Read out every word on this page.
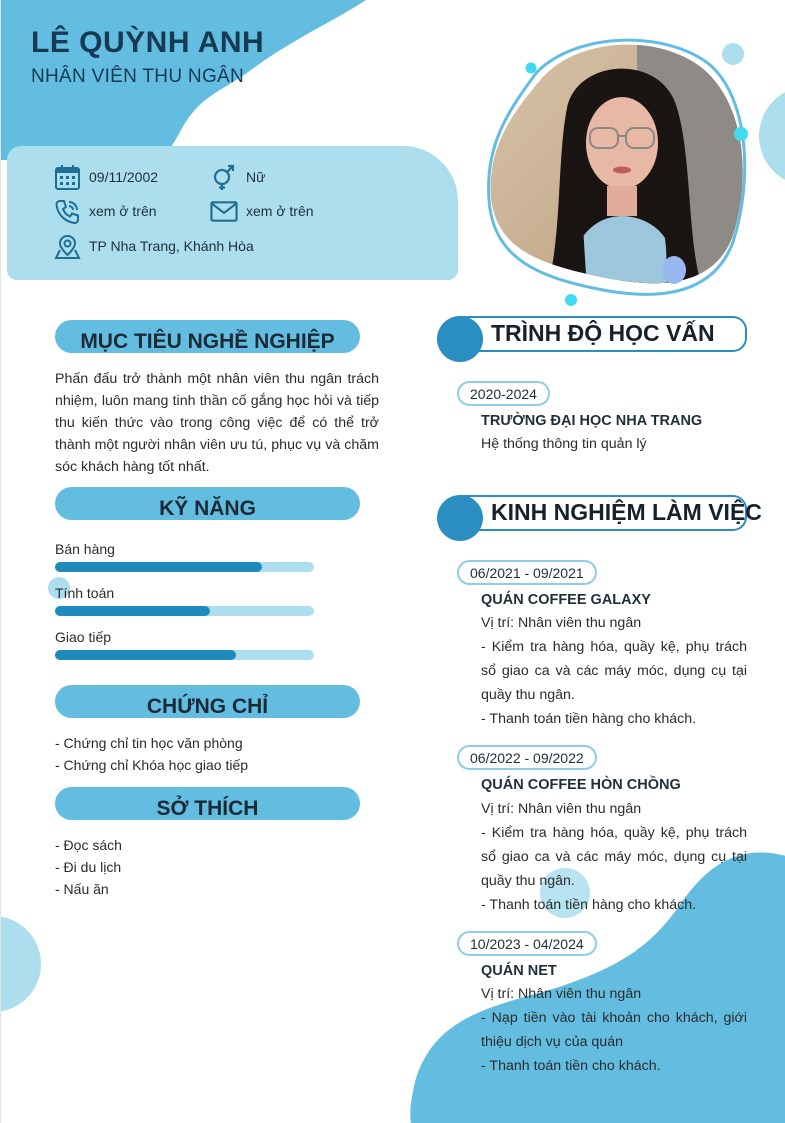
LÊ QUỲNH ANH
NHÂN VIÊN THU NGÂN
09/11/2002	Nữ
xem ở trên	xem ở trên
TP Nha Trang, Khánh Hòa
MỤC TIÊU NGHỀ NGHIỆP
Phấn đấu trở thành một nhân viên thu ngân trách nhiệm, luôn mang tinh thần cố gắng học hỏi và tiếp thu kiến thức vào trong công việc để có thể trở thành một người nhân viên ưu tú, phục vụ và chăm sóc khách hàng tốt nhất.
KỸ NĂNG
Bán hàng
Tính toán
Giao tiếp
CHỨNG CHỈ
- Chứng chỉ tin học văn phòng
- Chứng chỉ Khóa học giao tiếp
SỞ THÍCH
- Đọc sách
- Đi du lịch
- Nấu ăn
TRÌNH ĐỘ HỌC VẤN
2020-2024
TRƯỜNG ĐẠI HỌC NHA TRANG
Hệ thống thông tin quản lý
KINH NGHIỆM LÀM VIỆC
06/2021 - 09/2021
QUÁN COFFEE GALAXY
Vị trí: Nhân viên thu ngân
- Kiểm tra hàng hóa, quầy kệ, phụ trách sổ giao ca và các máy móc, dụng cụ tại quầy thu ngân.
- Thanh toán tiền hàng cho khách.
06/2022 - 09/2022
QUÁN COFFEE HÒN CHỒNG
Vị trí: Nhân viên thu ngân
- Kiểm tra hàng hóa, quầy kệ, phụ trách sổ giao ca và các máy móc, dụng cụ tại quầy thu ngân.
- Thanh toán tiền hàng cho khách.
10/2023 - 04/2024
QUÁN NET
Vị trí: Nhân viên thu ngân
- Nạp tiền vào tài khoản cho khách, giới thiệu dịch vụ của quán
- Thanh toán tiền cho khách.
